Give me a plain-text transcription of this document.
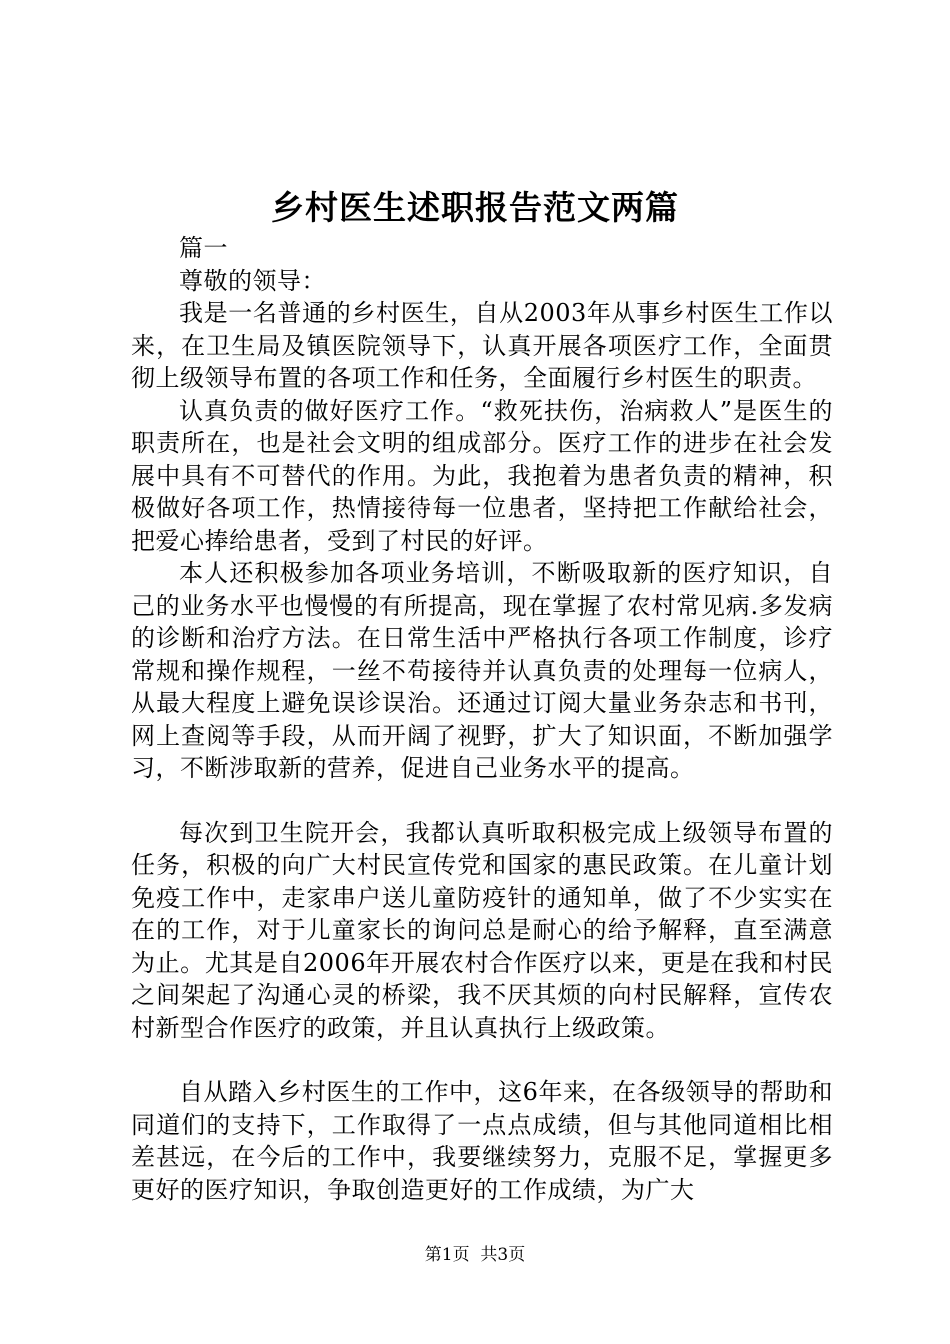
乡村医生述职报告范文两篇

篇一

尊敬的领导：

我是一名普通的乡村医生，自从2003年从事乡村医生工作以来，在卫生局及镇医院领导下，认真开展各项医疗工作，全面贯彻上级领导布置的各项工作和任务，全面履行乡村医生的职责。

认真负责的做好医疗工作。“救死扶伤，治病救人”是医生的职责所在，也是社会文明的组成部分。医疗工作的进步在社会发展中具有不可替代的作用。为此，我抱着为患者负责的精神，积极做好各项工作，热情接待每一位患者，坚持把工作献给社会，把爱心捧给患者，受到了村民的好评。

本人还积极参加各项业务培训，不断吸取新的医疗知识，自己的业务水平也慢慢的有所提高，现在掌握了农村常见病.多发病的诊断和治疗方法。在日常生活中严格执行各项工作制度，诊疗常规和操作规程，一丝不苟接待并认真负责的处理每一位病人，从最大程度上避免误诊误治。还通过订阅大量业务杂志和书刊，网上查阅等手段，从而开阔了视野，扩大了知识面，不断加强学习，不断涉取新的营养，促进自己业务水平的提高。

每次到卫生院开会，我都认真听取积极完成上级领导布置的任务，积极的向广大村民宣传党和国家的惠民政策。在儿童计划免疫工作中，走家串户送儿童防疫针的通知单，做了不少实实在在的工作，对于儿童家长的询问总是耐心的给予解释，直至满意为止。尤其是自2006年开展农村合作医疗以来，更是在我和村民之间架起了沟通心灵的桥梁，我不厌其烦的向村民解释，宣传农村新型合作医疗的政策，并且认真执行上级政策。

自从踏入乡村医生的工作中，这6年来，在各级领导的帮助和同道们的支持下，工作取得了一点点成绩，但与其他同道相比相差甚远，在今后的工作中，我要继续努力，克服不足，掌握更多更好的医疗知识，争取创造更好的工作成绩，为广大

第1页 共3页
